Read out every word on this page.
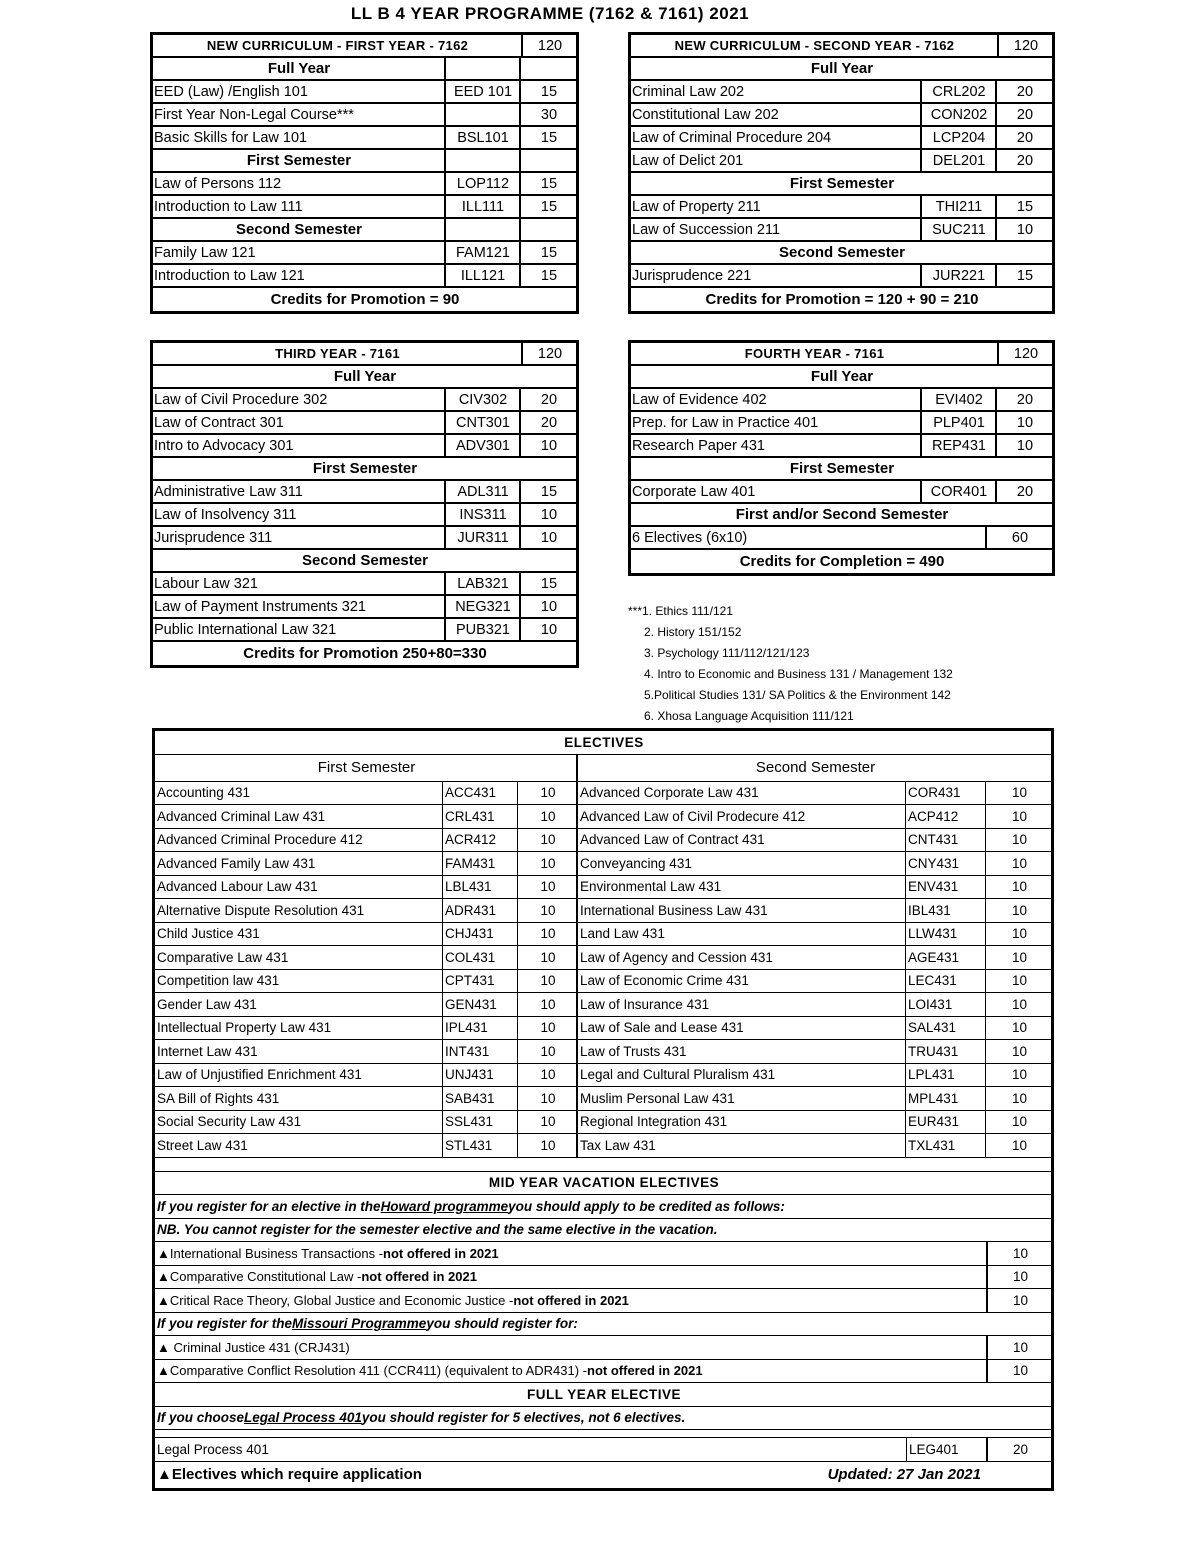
LL B 4 YEAR PROGRAMME (7162 & 7161) 2021
NEW CURRICULUM - FIRST YEAR - 7162	120
Full Year
EED (Law) /English 101	EED 101	15
First Year Non-Legal Course***	30
Basic Skills for Law 101	BSL101	15
First Semester
Law of Persons 112	LOP112	15
Introduction to Law 111	ILL111	15
Second Semester
Family Law 121	FAM121	15
Introduction to Law 121	ILL121	15
Credits for Promotion = 90
NEW CURRICULUM - SECOND YEAR - 7162	120
Full Year
Criminal Law 202	CRL202	20
Constitutional Law 202	CON202	20
Law of Criminal Procedure 204	LCP204	20
Law of Delict 201	DEL201	20
First Semester
Law of Property 211	THI211	15
Law of Succession 211	SUC211	10
Second Semester
Jurisprudence 221	JUR221	15
Credits for Promotion = 120 + 90 = 210
THIRD YEAR - 7161	120
Full Year
Law of Civil Procedure 302	CIV302	20
Law of Contract 301	CNT301	20
Intro to Advocacy 301	ADV301	10
First Semester
Administrative Law 311	ADL311	15
Law of Insolvency 311	INS311	10
Jurisprudence 311	JUR311	10
Second Semester
Labour Law 321	LAB321	15
Law of Payment Instruments 321	NEG321	10
Public International Law 321	PUB321	10
Credits for Promotion 250+80=330
FOURTH YEAR - 7161	120
Full Year
Law of Evidence 402	EVI402	20
Prep. for Law in Practice 401	PLP401	10
Research Paper 431	REP431	10
First Semester
Corporate Law 401	COR401	20
First and/or Second Semester
6 Electives (6x10)	60
Credits for Completion = 490
***1. Ethics 111/121
2. History 151/152
3. Psychology 111/112/121/123
4. Intro to Economic and Business 131 / Management 132
5.Political Studies 131/ SA Politics & the Environment 142
6. Xhosa Language Acquisition 111/121
ELECTIVES
First Semester	Second Semester
Accounting 431	ACC431	10	Advanced Corporate Law 431	COR431	10
Advanced Criminal Law 431	CRL431	10	Advanced Law of Civil Prodecure 412	ACP412	10
Advanced Criminal Procedure 412	ACR412	10	Advanced Law of Contract 431	CNT431	10
Advanced Family Law 431	FAM431	10	Conveyancing 431	CNY431	10
Advanced Labour Law 431	LBL431	10	Environmental Law 431	ENV431	10
Alternative Dispute Resolution 431	ADR431	10	International Business Law 431	IBL431	10
Child Justice 431	CHJ431	10	Land Law 431	LLW431	10
Comparative Law 431	COL431	10	Law of Agency and Cession 431	AGE431	10
Competition law 431	CPT431	10	Law of Economic Crime 431	LEC431	10
Gender Law 431	GEN431	10	Law of Insurance 431	LOI431	10
Intellectual Property Law 431	IPL431	10	Law of Sale and Lease 431	SAL431	10
Internet Law 431	INT431	10	Law of Trusts 431	TRU431	10
Law of Unjustified Enrichment 431	UNJ431	10	Legal and Cultural Pluralism 431	LPL431	10
SA Bill of Rights 431	SAB431	10	Muslim Personal Law 431	MPL431	10
Social Security Law 431	SSL431	10	Regional Integration 431	EUR431	10
Street Law 431	STL431	10	Tax Law 431	TXL431	10
MID YEAR VACATION ELECTIVES
If you register for an elective in the Howard programme you should apply to be credited as follows:
NB. You cannot register for the semester elective and the same elective in the vacation.
▲International Business Transactions - not offered in 2021	10
▲Comparative Constitutional Law - not offered in 2021	10
▲Critical Race Theory, Global Justice and Economic Justice - not offered in 2021	10
If you register for the Missouri Programme you should register for:
▲ Criminal Justice 431 (CRJ431)	10
▲Comparative Conflict Resolution 411 (CCR411) (equivalent to ADR431) - not offered in 2021	10
FULL YEAR ELECTIVE
If you choose Legal Process 401 you should register for 5 electives, not 6 electives.
Legal Process 401	LEG401	20
▲Electives which require application	Updated: 27 Jan 2021
